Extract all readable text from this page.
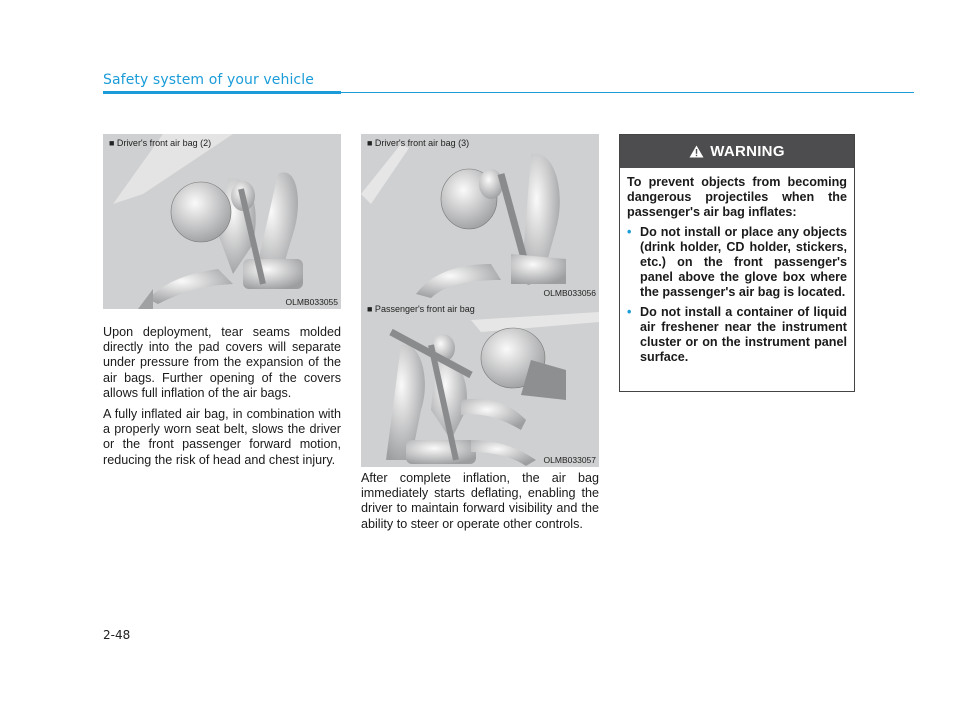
Safety system of your vehicle
■ Driver's front air bag (2)
OLMB033055
■ Driver's front air bag (3)
OLMB033056
■ Passenger's front air bag
OLMB033057

Upon deployment, tear seams molded directly into the pad covers will separate under pressure from the expansion of the air bags. Further opening of the covers allows full inflation of the air bags.

A fully inflated air bag, in combination with a properly worn seat belt, slows the driver or the front passenger forward motion, reducing the risk of head and chest injury.

After complete inflation, the air bag immediately starts deflating, enabling the driver to maintain forward visibility and the ability to steer or operate other controls.

WARNING

To prevent objects from becoming dangerous projectiles when the passenger's air bag inflates:

• Do not install or place any objects (drink holder, CD holder, stickers, etc.) on the front passenger's panel above the glove box where the passenger's air bag is located.
• Do not install a container of liquid air freshener near the instrument cluster or on the instrument panel surface.
2-48
